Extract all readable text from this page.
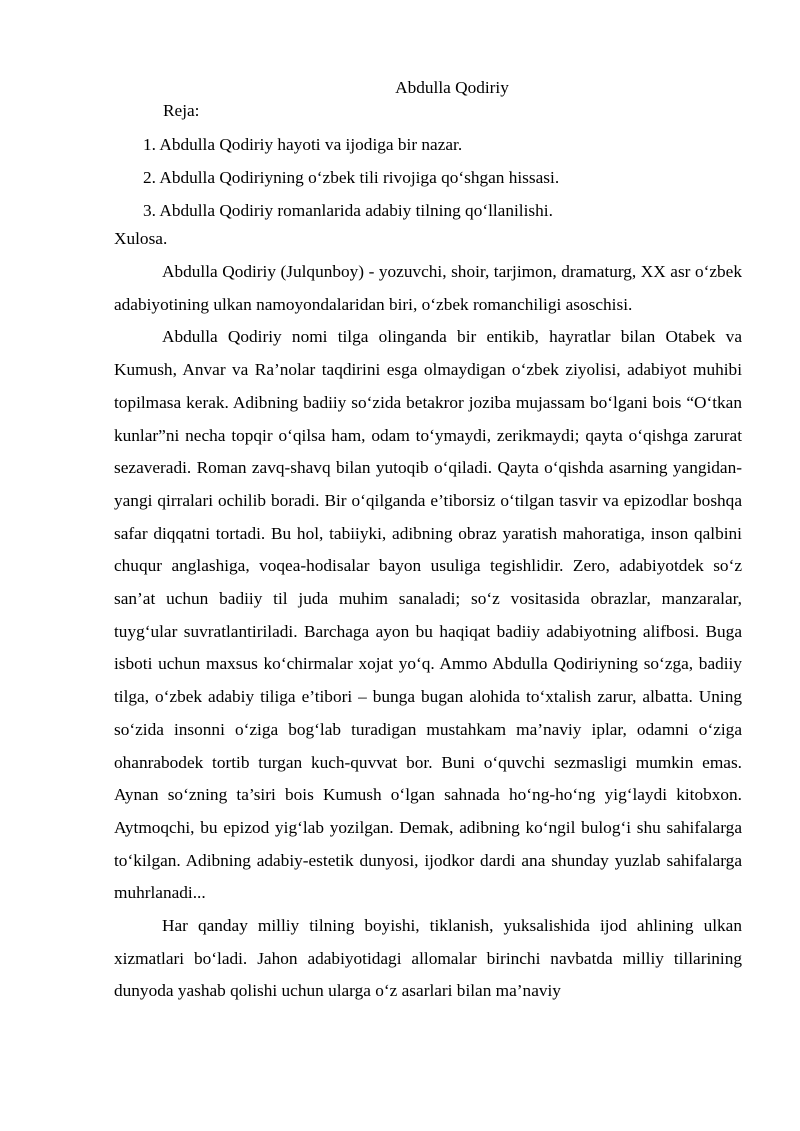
Abdulla Qodiriy
Reja:
1. Abdulla Qodiriy hayoti va ijodiga bir nazar.
2. Abdulla Qodiriyning o‘zbek tili rivojiga qo‘shgan hissasi.
3. Abdulla Qodiriy romanlarida adabiy tilning qo‘llanilishi.
Xulosa.

Abdulla Qodiriy (Julqunboy) - yozuvchi, shoir, tarjimon, dramaturg, XX asr o‘zbek adabiyotining ulkan namoyondalaridan biri, o‘zbek romanchiligi asoschisi.

Abdulla Qodiriy nomi tilga olinganda bir entikib, hayratlar bilan Otabek va Kumush, Anvar va Ra’nolar taqdirini esga olmaydigan o‘zbek ziyolisi, adabiyot muhibi topilmasa kerak. Adibning badiiy so‘zida betakror joziba mujassam bo‘lgani bois “O‘tkan kunlar”ni necha topqir o‘qilsa ham, odam to‘ymaydi, zerikmaydi; qayta o‘qishga zarurat sezaveradi. Roman zavq-shavq bilan yutoqib o‘qiladi. Qayta o‘qishda asarning yangidan-yangi qirralari ochilib boradi. Bir o‘qilganda e’tiborsiz o‘tilgan tasvir va epizodlar boshqa safar diqqatni tortadi. Bu hol, tabiiyki, adibning obraz yaratish mahoratiga, inson qalbini chuqur anglashiga, voqea-hodisalar bayon usuliga tegishlidir. Zero, adabiyotdek so‘z san’at uchun badiiy til juda muhim sanaladi; so‘z vositasida obrazlar, manzaralar, tuyg‘ular suvratlantiriladi. Barchaga ayon bu haqiqat badiiy adabiyotning alifbosi. Buga isboti uchun maxsus ko‘chirmalar xojat yo‘q. Ammo Abdulla Qodiriyning so‘zga, badiiy tilga, o‘zbek adabiy tiliga e’tibori – bunga bugan alohida to‘xtalish zarur, albatta. Uning so‘zida insonni o‘ziga bog‘lab turadigan mustahkam ma’naviy iplar, odamni o‘ziga ohanrabodek tortib turgan kuch-quvvat bor. Buni o‘quvchi sezmasligi mumkin emas. Aynan so‘zning ta’siri bois Kumush o‘lgan sahnada ho‘ng-ho‘ng yig‘laydi kitobxon. Aytmoqchi, bu epizod yig‘lab yozilgan. Demak, adibning ko‘ngil bulog‘i shu sahifalarga to‘kilgan. Adibning adabiy-estetik dunyosi, ijodkor dardi ana shunday yuzlab sahifalarga muhrlanadi...

Har qanday milliy tilning boyishi, tiklanish, yuksalishida ijod ahlining ulkan xizmatlari bo‘ladi. Jahon adabiyotidagi allomalar birinchi navbatda milliy tillarining dunyoda yashab qolishi uchun ularga o‘z asarlari bilan ma’naviy
